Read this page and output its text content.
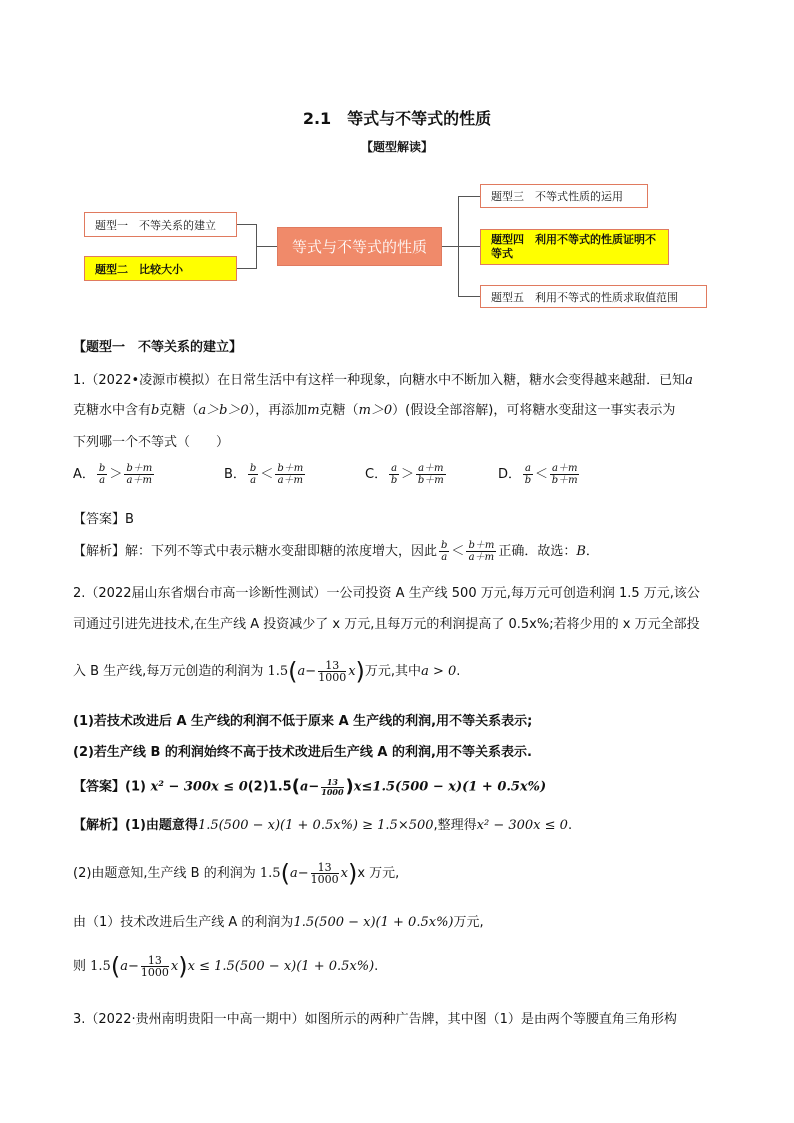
2.1　等式与不等式的性质
【题型解读】
题型一　不等关系的建立
题型二　比较大小
等式与不等式的性质
题型三　不等式性质的运用
题型四　利用不等式的性质证明不等式
题型五　利用不等式的性质求取值范围
【题型一　不等关系的建立】
1.（2022•凌源市模拟）在日常生活中有这样一种现象，向糖水中不断加入糖，糖水会变得越来越甜．已知a
克糖水中含有b克糖（a＞b＞0），再添加m克糖（m＞0）(假设全部溶解)，可将糖水变甜这一事实表示为
下列哪一个不等式（　　）
A． $\frac{b}{a} > \frac{b+m}{a+m}$	B． $\frac{b}{a} < \frac{b+m}{a+m}$	C． $\frac{a}{b} > \frac{a+m}{b+m}$	D． $\frac{a}{b} < \frac{a+m}{b+m}$
【答案】B
【解析】解：下列不等式中表示糖水变甜即糖的浓度增大，因此 $\frac{b}{a} < \frac{b+m}{a+m}$ 正确．故选：B．
2.（2022届山东省烟台市高一诊断性测试）一公司投资 A 生产线 500 万元,每万元可创造利润 1.5 万元,该公
司通过引进先进技术,在生产线 A 投资减少了 x 万元,且每万元的利润提高了 0.5x%;若将少用的 x 万元全部投
入 B 生产线,每万元创造的利润为 $1.5(a- \frac{13}{1000} x)$万元,其中a > 0.
(1)若技术改进后 A 生产线的利润不低于原来 A 生产线的利润,用不等关系表示;
(2)若生产线 B 的利润始终不高于技术改进后生产线 A 的利润,用不等关系表示.
【答案】(1) $x^2 - 300x \le 0(2)1.5(a- \frac{13}{1000} )x\le 1.5(500 - x)(1 + 0.5x\%)$
【解析】(1)由题意得1.5(500 − x)(1 + 0.5x%) ≥ 1.5×500,整理得x² − 300x ≤ 0.
(2)由题意知,生产线 B 的利润为 $1.5(a- \frac{13}{1000} x)x$ 万元,
由（1）技术改进后生产线 A 的利润为1.5(500 − x)(1 + 0.5x%)万元,
则 $1.5(a- \frac{13}{1000} x)x \le 1.5(500 - x)(1 + 0.5x\%)$.
3.（2022·贵州南明贵阳一中高一期中）如图所示的两种广告牌，其中图（1）是由两个等腰直角三角形构
